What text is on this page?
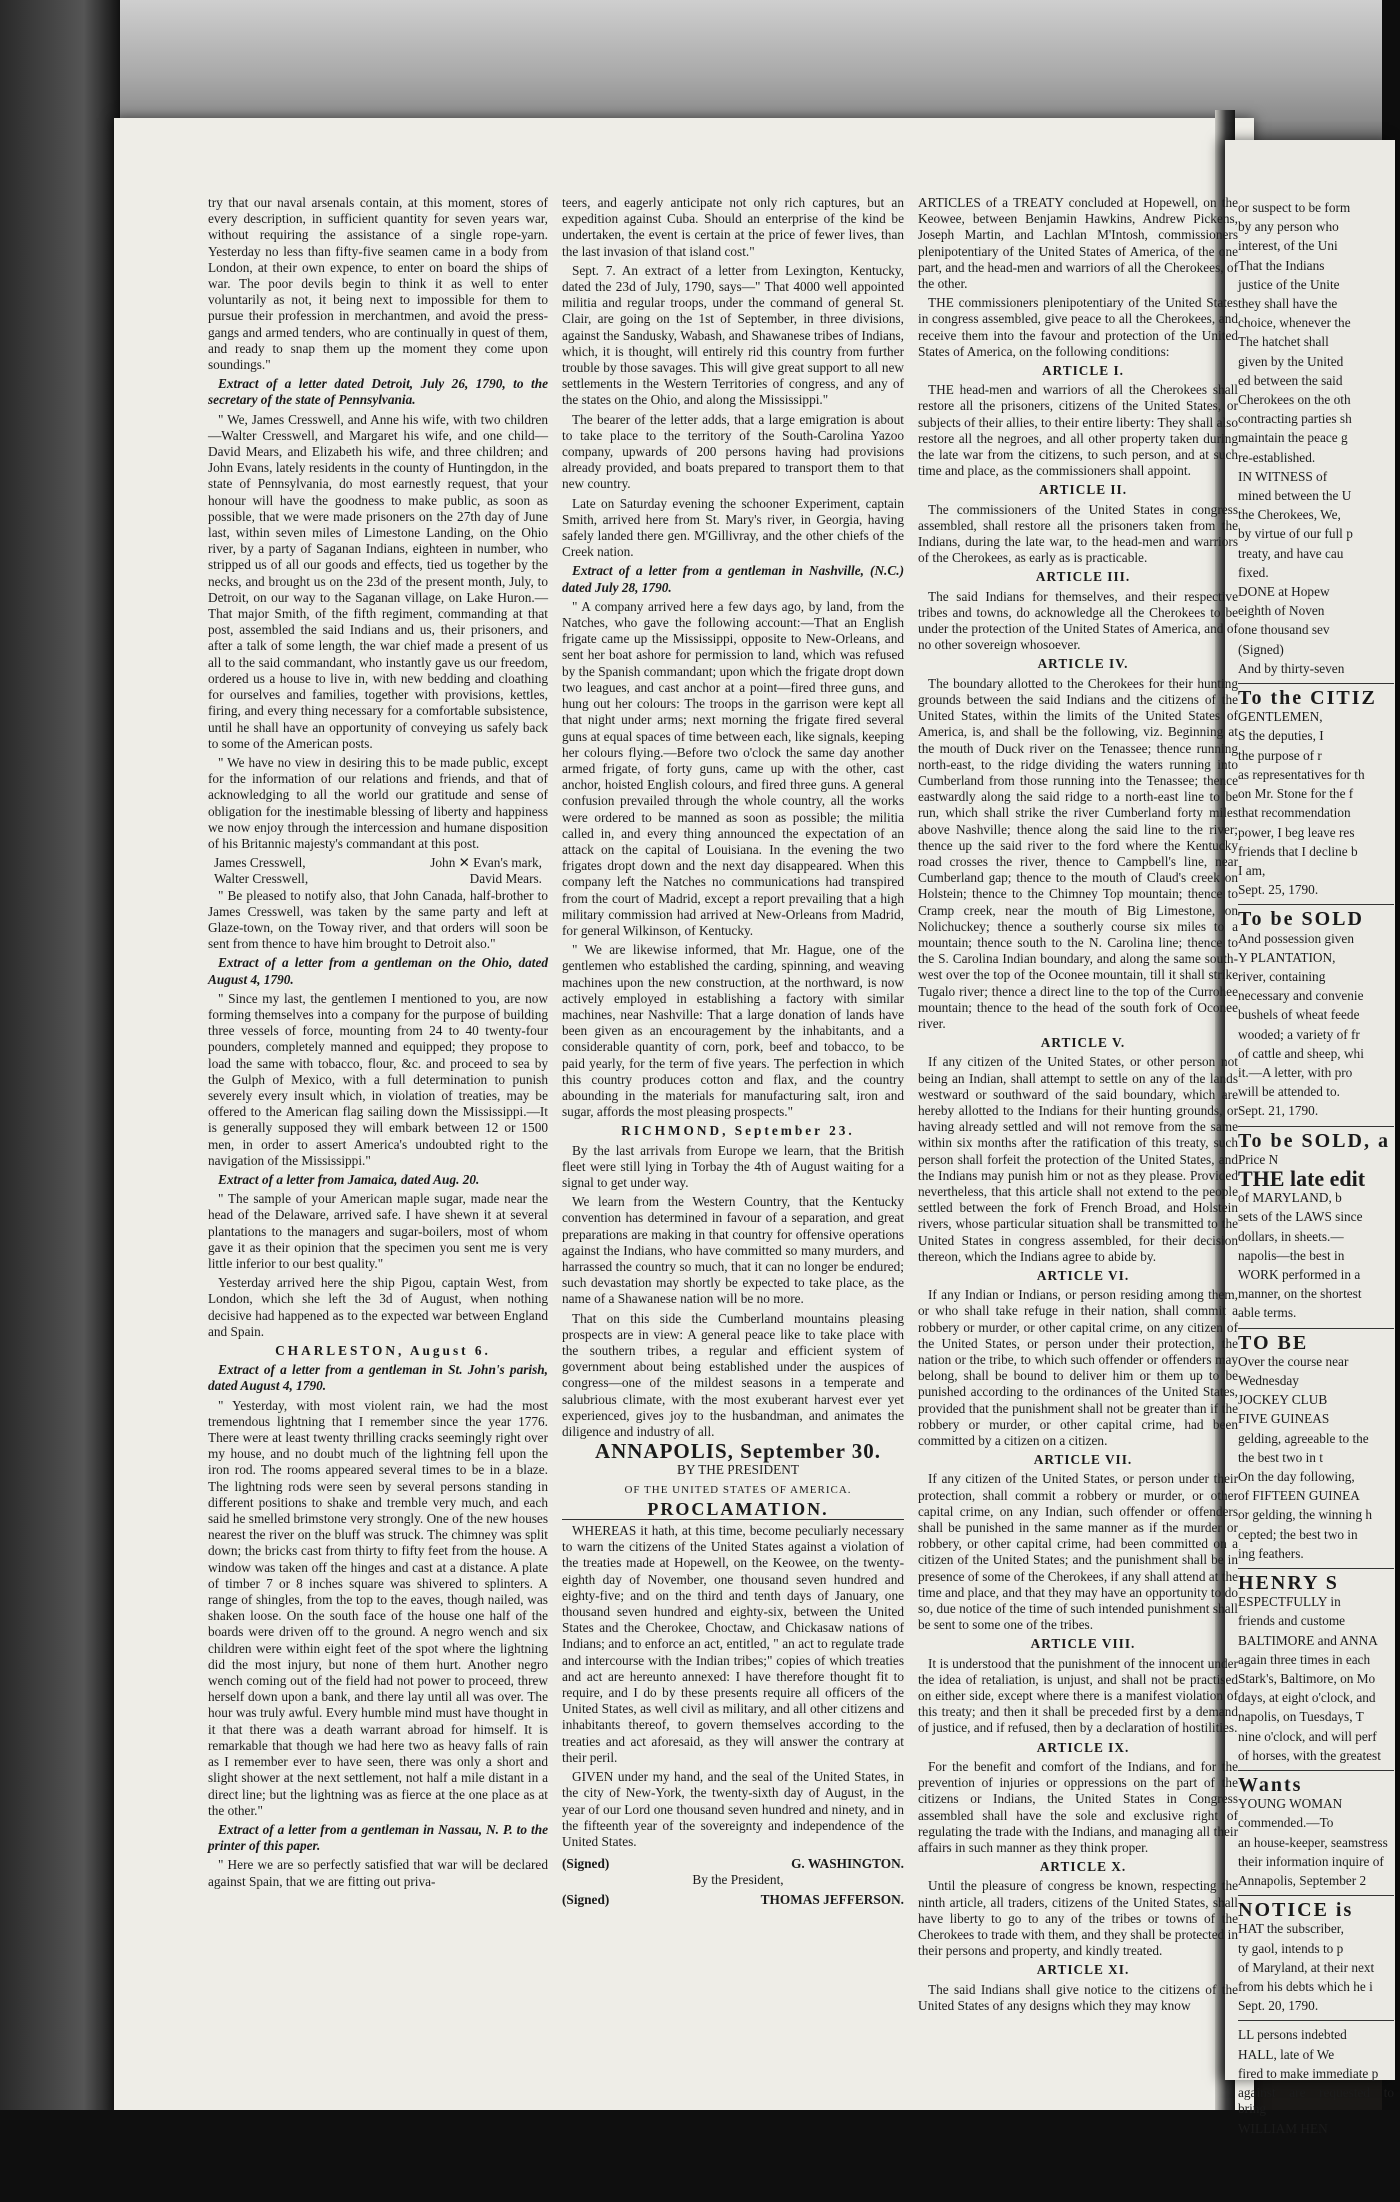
try that our naval arsenals contain, at this moment, stores of every description, in sufficient quantity for seven years war, without requiring the assistance of a single rope-yarn. Yesterday no less than fifty-five seamen came in a body from London, at their own expence, to enter on board the ships of war. The poor devils begin to think it as well to enter voluntarily as not, it being next to impossible for them to pursue their profession in merchantmen, and avoid the press-gangs and armed tenders, who are continually in quest of them, and ready to snap them up the moment they come upon soundings."

Extract of a letter dated Detroit, July 26, 1790, to the secretary of the state of Pennsylvania.

" We, James Cresswell, and Anne his wife, with two children—Walter Cresswell, and Margaret his wife, and one child—David Mears, and Elizabeth his wife, and three children; and John Evans, lately residents in the county of Huntingdon, in the state of Pennsylvania, do most earnestly request, that your honour will have the goodness to make public, as soon as possible, that we were made prisoners on the 27th day of June last, within seven miles of Limestone Landing, on the Ohio river, by a party of Saganan Indians, eighteen in number, who stripped us of all our goods and effects, tied us together by the necks, and brought us on the 23d of the present month, July, to Detroit, on our way to the Saganan village, on Lake Huron.—That major Smith, of the fifth regiment, commanding at that post, assembled the said Indians and us, their prisoners, and after a talk of some length, the war chief made a present of us all to the said commandant, who instantly gave us our freedom, ordered us a house to live in, with new bedding and cloathing for ourselves and families, together with provisions, kettles, firing, and every thing necessary for a comfortable subsistence, until he shall have an opportunity of conveying us safely back to some of the American posts.

" We have no view in desiring this to be made public, except for the information of our relations and friends, and that of acknowledging to all the world our gratitude and sense of obligation for the inestimable blessing of liberty and happiness we now enjoy through the intercession and humane disposition of his Britannic majesty's commandant at this post.

James Cresswell,	John ✕ Evan's mark,
Walter Cresswell,	David Mears.

" Be pleased to notify also, that John Canada, half-brother to James Cresswell, was taken by the same party and left at Glaze-town, on the Toway river, and that orders will soon be sent from thence to have him brought to Detroit also."

Extract of a letter from a gentleman on the Ohio, dated August 4, 1790.

" Since my last, the gentlemen I mentioned to you, are now forming themselves into a company for the purpose of building three vessels of force, mounting from 24 to 40 twenty-four pounders, completely manned and equipped; they propose to load the same with tobacco, flour, &c. and proceed to sea by the Gulph of Mexico, with a full determination to punish severely every insult which, in violation of treaties, may be offered to the American flag sailing down the Mississippi.—It is generally supposed they will embark between 12 or 1500 men, in order to assert America's undoubted right to the navigation of the Mississippi."

Extract of a letter from Jamaica, dated Aug. 20.

" The sample of your American maple sugar, made near the head of the Delaware, arrived safe. I have shewn it at several plantations to the managers and sugar-boilers, most of whom gave it as their opinion that the specimen you sent me is very little inferior to our best quality."

Yesterday arrived here the ship Pigou, captain West, from London, which she left the 3d of August, when nothing decisive had happened as to the expected war between England and Spain.

CHARLESTON, August 6.

Extract of a letter from a gentleman in St. John's parish, dated August 4, 1790.

" Yesterday, with most violent rain, we had the most tremendous lightning that I remember since the year 1776. There were at least twenty thrilling cracks seemingly right over my house, and no doubt much of the lightning fell upon the iron rod. The rooms appeared several times to be in a blaze. The lightning rods were seen by several persons standing in different positions to shake and tremble very much, and each said he smelled brimstone very strongly. One of the new houses nearest the river on the bluff was struck. The chimney was split down; the bricks cast from thirty to fifty feet from the house. A window was taken off the hinges and cast at a distance. A plate of timber 7 or 8 inches square was shivered to splinters. A range of shingles, from the top to the eaves, though nailed, was shaken loose. On the south face of the house one half of the boards were driven off to the ground. A negro wench and six children were within eight feet of the spot where the lightning did the most injury, but none of them hurt. Another negro wench coming out of the field had not power to proceed, threw herself down upon a bank, and there lay until all was over. The hour was truly awful. Every humble mind must have thought in it that there was a death warrant abroad for himself. It is remarkable that though we had here two as heavy falls of rain as I remember ever to have seen, there was only a short and slight shower at the next settlement, not half a mile distant in a direct line; but the lightning was as fierce at the one place as at the other."

Extract of a letter from a gentleman in Nassau, N. P. to the printer of this paper.

" Here we are so perfectly satisfied that war will be declared against Spain, that we are fitting out priva-

teers, and eagerly anticipate not only rich captures, but an expedition against Cuba. Should an enterprise of the kind be undertaken, the event is certain at the price of fewer lives, than the last invasion of that island cost."

Sept. 7. An extract of a letter from Lexington, Kentucky, dated the 23d of July, 1790, says—" That 4000 well appointed militia and regular troops, under the command of general St. Clair, are going on the 1st of September, in three divisions, against the Sandusky, Wabash, and Shawanese tribes of Indians, which, it is thought, will entirely rid this country from further trouble by those savages. This will give great support to all new settlements in the Western Territories of congress, and any of the states on the Ohio, and along the Mississippi."

The bearer of the letter adds, that a large emigration is about to take place to the territory of the South-Carolina Yazoo company, upwards of 200 persons having had provisions already provided, and boats prepared to transport them to that new country.

Late on Saturday evening the schooner Experiment, captain Smith, arrived here from St. Mary's river, in Georgia, having safely landed there gen. M'Gillivray, and the other chiefs of the Creek nation.

Extract of a letter from a gentleman in Nashville, (N.C.) dated July 28, 1790.

" A company arrived here a few days ago, by land, from the Natches, who gave the following account:—That an English frigate came up the Mississippi, opposite to New-Orleans, and sent her boat ashore for permission to land, which was refused by the Spanish commandant; upon which the frigate dropt down two leagues, and cast anchor at a point—fired three guns, and hung out her colours: The troops in the garrison were kept all that night under arms; next morning the frigate fired several guns at equal spaces of time between each, like signals, keeping her colours flying.—Before two o'clock the same day another armed frigate, of forty guns, came up with the other, cast anchor, hoisted English colours, and fired three guns. A general confusion prevailed through the whole country, all the works were ordered to be manned as soon as possible; the militia called in, and every thing announced the expectation of an attack on the capital of Louisiana. In the evening the two frigates dropt down and the next day disappeared. When this company left the Natches no communications had transpired from the court of Madrid, except a report prevailing that a high military commission had arrived at New-Orleans from Madrid, for general Wilkinson, of Kentucky.

" We are likewise informed, that Mr. Hague, one of the gentlemen who established the carding, spinning, and weaving machines upon the new construction, at the northward, is now actively employed in establishing a factory with similar machines, near Nashville: That a large donation of lands have been given as an encouragement by the inhabitants, and a considerable quantity of corn, pork, beef and tobacco, to be paid yearly, for the term of five years. The perfection in which this country produces cotton and flax, and the country abounding in the materials for manufacturing salt, iron and sugar, affords the most pleasing prospects."

RICHMOND, September 23.

By the last arrivals from Europe we learn, that the British fleet were still lying in Torbay the 4th of August waiting for a signal to get under way.

We learn from the Western Country, that the Kentucky convention has determined in favour of a separation, and great preparations are making in that country for offensive operations against the Indians, who have committed so many murders, and harrassed the country so much, that it can no longer be endured; such devastation may shortly be expected to take place, as the name of a Shawanese nation will be no more.

That on this side the Cumberland mountains pleasing prospects are in view: A general peace like to take place with the southern tribes, a regular and efficient system of government about being established under the auspices of congress—one of the mildest seasons in a temperate and salubrious climate, with the most exuberant harvest ever yet experienced, gives joy to the husbandman, and animates the diligence and industry of all.

ANNAPOLIS, September 30.

BY THE PRESIDENT

OF THE UNITED STATES OF AMERICA.

PROCLAMATION.

WHEREAS it hath, at this time, become peculiarly necessary to warn the citizens of the United States against a violation of the treaties made at Hopewell, on the Keowee, on the twenty-eighth day of November, one thousand seven hundred and eighty-five; and on the third and tenth days of January, one thousand seven hundred and eighty-six, between the United States and the Cherokee, Choctaw, and Chickasaw nations of Indians; and to enforce an act, entitled, " an act to regulate trade and intercourse with the Indian tribes;" copies of which treaties and act are hereunto annexed: I have therefore thought fit to require, and I do by these presents require all officers of the United States, as well civil as military, and all other citizens and inhabitants thereof, to govern themselves according to the treaties and act aforesaid, as they will answer the contrary at their peril.

GIVEN under my hand, and the seal of the United States, in the city of New-York, the twenty-sixth day of August, in the year of our Lord one thousand seven hundred and ninety, and in the fifteenth year of the sovereignty and independence of the United States.

(Signed)	G. WASHINGTON.

By the President,

(Signed)	THOMAS JEFFERSON.

ARTICLES of a TREATY concluded at Hopewell, on the Keowee, between Benjamin Hawkins, Andrew Pickens, Joseph Martin, and Lachlan M'Intosh, commissioners plenipotentiary of the United States of America, of the one part, and the head-men and warriors of all the Cherokees, of the other.

THE commissioners plenipotentiary of the United States in congress assembled, give peace to all the Cherokees, and receive them into the favour and protection of the United States of America, on the following conditions:

ARTICLE I.

THE head-men and warriors of all the Cherokees shall restore all the prisoners, citizens of the United States, or subjects of their allies, to their entire liberty: They shall also restore all the negroes, and all other property taken during the late war from the citizens, to such person, and at such time and place, as the commissioners shall appoint.

ARTICLE II.

The commissioners of the United States in congress assembled, shall restore all the prisoners taken from the Indians, during the late war, to the head-men and warriors of the Cherokees, as early as is practicable.

ARTICLE III.

The said Indians for themselves, and their respective tribes and towns, do acknowledge all the Cherokees to be under the protection of the United States of America, and of no other sovereign whosoever.

ARTICLE IV.

The boundary allotted to the Cherokees for their hunting grounds between the said Indians and the citizens of the United States, within the limits of the United States of America, is, and shall be the following, viz. Beginning at the mouth of Duck river on the Tenassee; thence running north-east, to the ridge dividing the waters running into Cumberland from those running into the Tenassee; thence eastwardly along the said ridge to a north-east line to be run, which shall strike the river Cumberland forty miles above Nashville; thence along the said line to the river; thence up the said river to the ford where the Kentucky road crosses the river, thence to Campbell's line, near Cumberland gap; thence to the mouth of Claud's creek on Holstein; thence to the Chimney Top mountain; thence to Cramp creek, near the mouth of Big Limestone, on Nolichuckey; thence a southerly course six miles to a mountain; thence south to the N. Carolina line; thence to the S. Carolina Indian boundary, and along the same south-west over the top of the Oconee mountain, till it shall strike Tugalo river; thence a direct line to the top of the Currohee mountain; thence to the head of the south fork of Oconee river.

ARTICLE V.

If any citizen of the United States, or other person not being an Indian, shall attempt to settle on any of the lands westward or southward of the said boundary, which are hereby allotted to the Indians for their hunting grounds, or having already settled and will not remove from the same within six months after the ratification of this treaty, such person shall forfeit the protection of the United States, and the Indians may punish him or not as they please. Provided nevertheless, that this article shall not extend to the people settled between the fork of French Broad, and Holstein rivers, whose particular situation shall be transmitted to the United States in congress assembled, for their decision thereon, which the Indians agree to abide by.

ARTICLE VI.

If any Indian or Indians, or person residing among them, or who shall take refuge in their nation, shall commit a robbery or murder, or other capital crime, on any citizen of the United States, or person under their protection, the nation or the tribe, to which such offender or offenders may belong, shall be bound to deliver him or them up to be punished according to the ordinances of the United States, provided that the punishment shall not be greater than if the robbery or murder, or other capital crime, had been committed by a citizen on a citizen.

ARTICLE VII.

If any citizen of the United States, or person under their protection, shall commit a robbery or murder, or other capital crime, on any Indian, such offender or offenders shall be punished in the same manner as if the murder or robbery, or other capital crime, had been committed on a citizen of the United States; and the punishment shall be in presence of some of the Cherokees, if any shall attend at the time and place, and that they may have an opportunity to do so, due notice of the time of such intended punishment shall be sent to some one of the tribes.

ARTICLE VIII.

It is understood that the punishment of the innocent under the idea of retaliation, is unjust, and shall not be practised on either side, except where there is a manifest violation of this treaty; and then it shall be preceded first by a demand of justice, and if refused, then by a declaration of hostilities.

ARTICLE IX.

For the benefit and comfort of the Indians, and for the prevention of injuries or oppressions on the part of the citizens or Indians, the United States in Congress assembled shall have the sole and exclusive right of regulating the trade with the Indians, and managing all their affairs in such manner as they think proper.

ARTICLE X.

Until the pleasure of congress be known, respecting the ninth article, all traders, citizens of the United States, shall have liberty to go to any of the tribes or towns of the Cherokees to trade with them, and they shall be protected in their persons and property, and kindly treated.

ARTICLE XI.

The said Indians shall give notice to the citizens of the United States of any designs which they may know

or suspect to be form

by any person who

interest, of the Uni

That the Indians

justice of the Unite

they shall have the

choice, whenever the

The hatchet shall

given by the United

ed between the said

Cherokees on the oth

contracting parties sh

maintain the peace g

re-established.

IN WITNESS of

mined between the U

the Cherokees, We,

by virtue of our full p

treaty, and have cau

fixed.

DONE at Hopew

eighth of Noven

one thousand sev

(Signed)

And by thirty-seven

To the CITIZ

GENTLEMEN,

S the deputies, I

the purpose of r

as representatives for th

on Mr. Stone for the f

that recommendation

power, I beg leave res

friends that I decline b

I am,

Sept. 25, 1790.

To be SOLD

And possession given

Y PLANTATION,

river, containing

necessary and convenie

bushels of wheat feede

wooded; a variety of fr

of cattle and sheep, whi

it.—A letter, with pro

will be attended to.

Sept. 21, 1790.

To be SOLD, a

Price N

THE late edit

of MARYLAND, b

sets of the LAWS since

dollars, in sheets.—

napolis—the best in

WORK performed in a

manner, on the shortest

able terms.

TO BE

Over the course near

Wednesday

JOCKEY CLUB

FIVE GUINEAS

gelding, agreeable to the

the best two in t

On the day following,

of FIFTEEN GUINEA

or gelding, the winning h

cepted; the best two in

ing feathers.

HENRY S

ESPECTFULLY in

friends and custome

BALTIMORE and ANNA

again three times in each

Stark's, Baltimore, on Mo

days, at eight o'clock, and

napolis, on Tuesdays, T

nine o'clock, and will perf

of horses, with the greatest

Wants

YOUNG WOMAN

commended.—To

an house-keeper, seamstress

their information inquire of

Annapolis, September 2

NOTICE is

HAT the subscriber,

ty gaol, intends to p

of Maryland, at their next

from his debts which he i

Sept. 20, 1790.

LL persons indebted

HALL, late of We

fired to make immediate p

against are requested to bring

WILLIAM HEN
